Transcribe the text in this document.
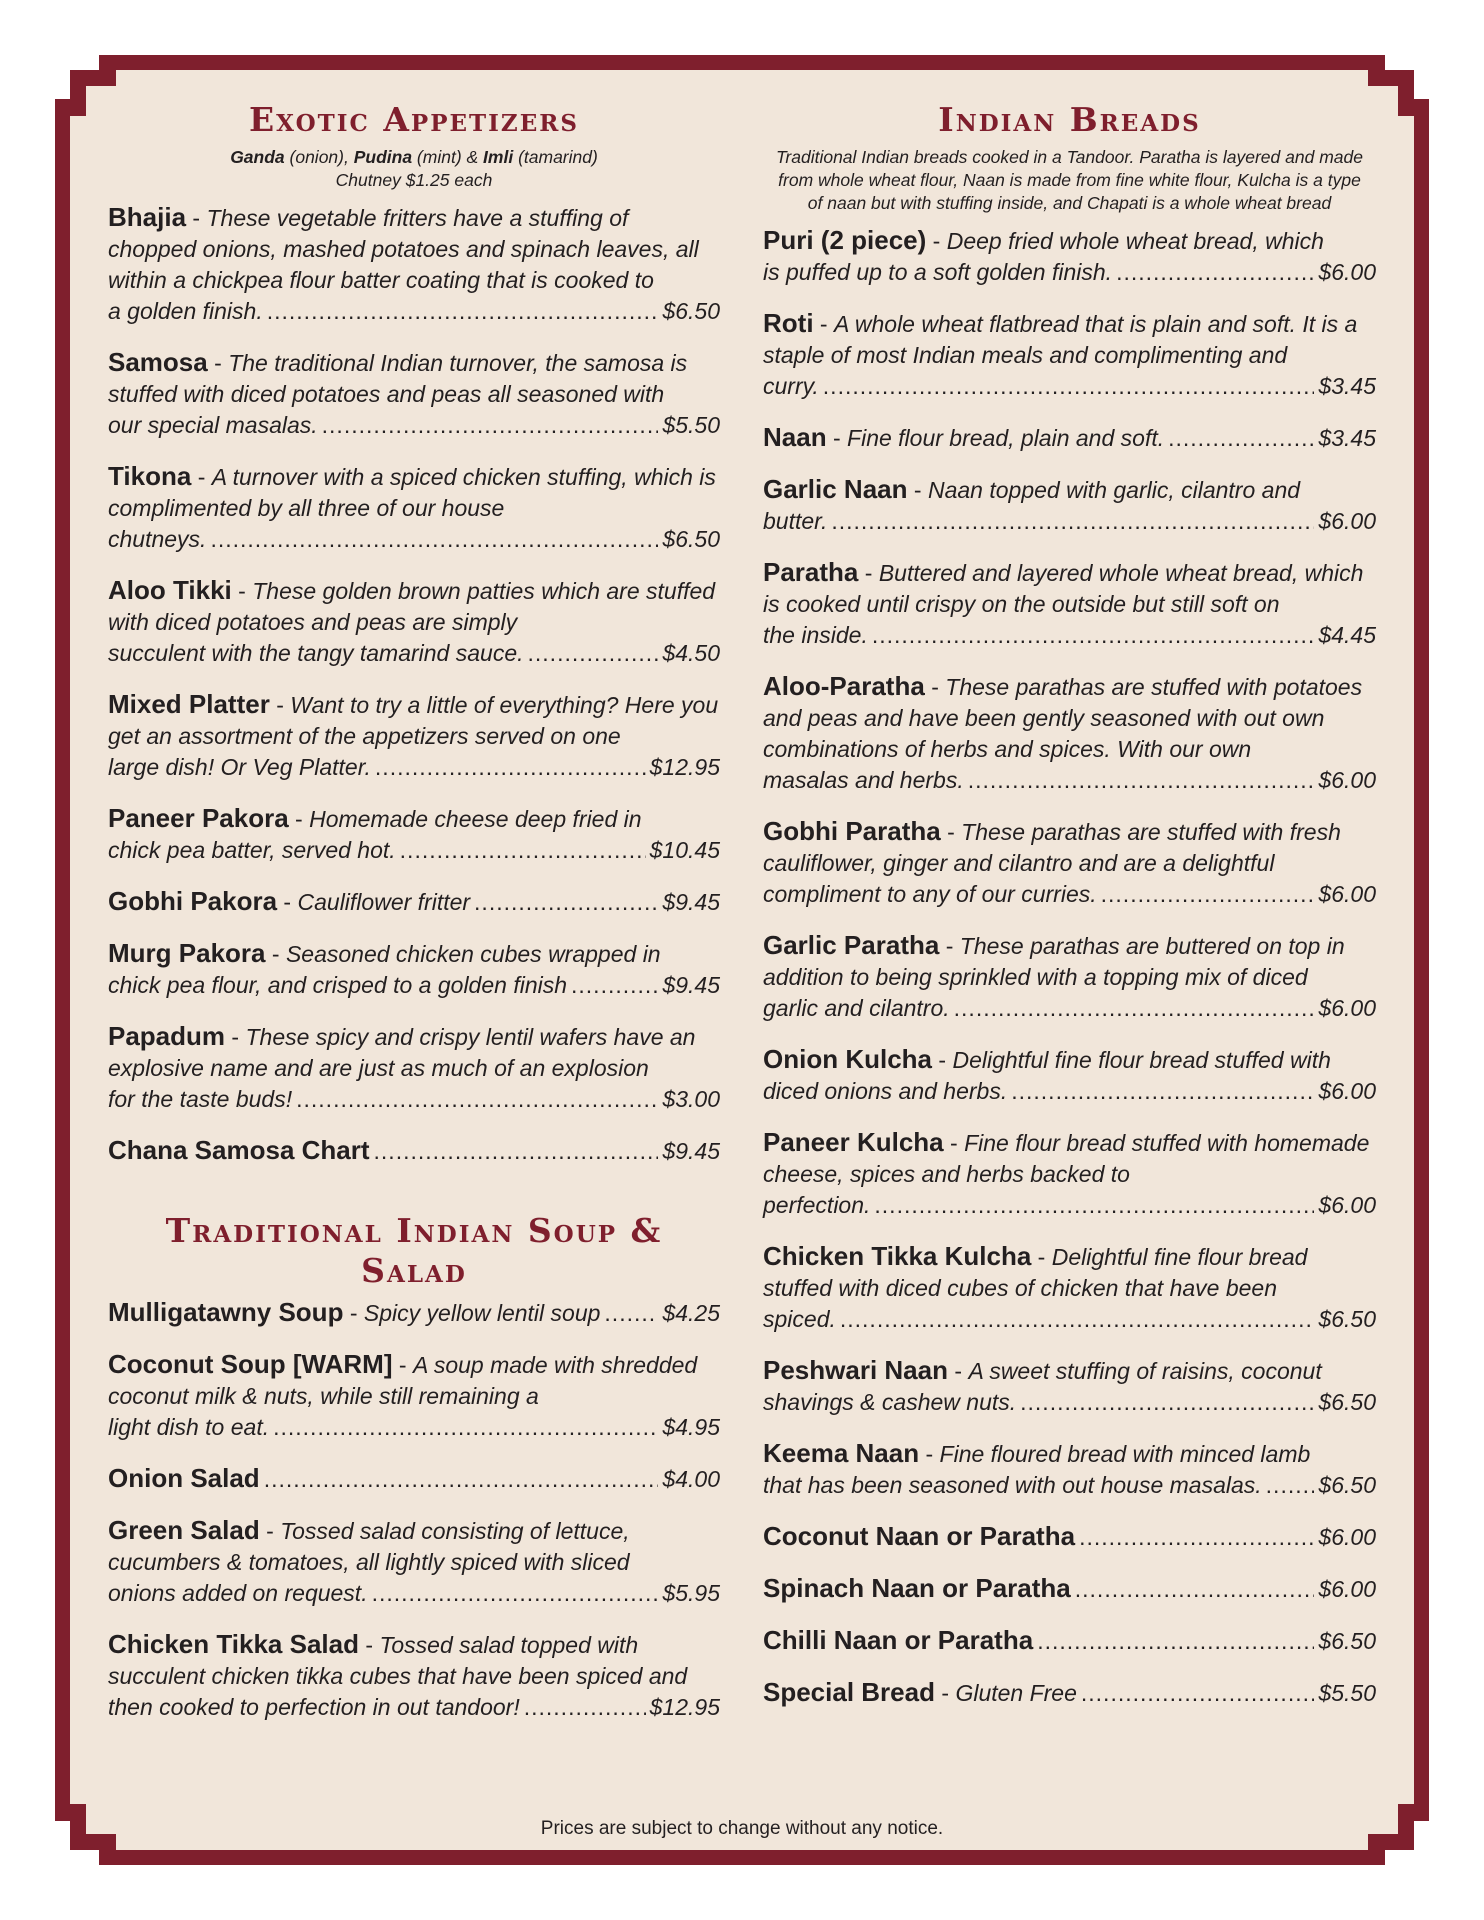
Exotic Appetizers
Ganda (onion), Pudina (mint) & Imli (tamarind)
Chutney $1.25 each
Bhajia - These vegetable fritters have a stuffing of chopped onions, mashed potatoes and spinach leaves, all within a chickpea flour batter coating that is cooked to
a golden finish. .....	$6.50
Samosa - The traditional Indian turnover, the samosa is stuffed with diced potatoes and peas all seasoned with
our special masalas. .....	$5.50
Tikona - A turnover with a spiced chicken stuffing, which is complimented by all three of our house
chutneys. .....	$6.50
Aloo Tikki - These golden brown patties which are stuffed with diced potatoes and peas are simply
succulent with the tangy tamarind sauce. .....	$4.50
Mixed Platter - Want to try a little of everything? Here you get an assortment of the appetizers served on one
large dish! Or Veg Platter. .....	$12.95
Paneer Pakora - Homemade cheese deep fried in
chick pea batter, served hot. .....	$10.45
Gobhi Pakora - Cauliflower fritter .....	$9.45
Murg Pakora - Seasoned chicken cubes wrapped in
chick pea flour, and crisped to a golden finish .....	$9.45
Papadum - These spicy and crispy lentil wafers have an explosive name and are just as much of an explosion
for the taste buds! .....	$3.00
Chana Samosa Chart .....	$9.45
Traditional Indian Soup & Salad
Mulligatawny Soup - Spicy yellow lentil soup .....	$4.25
Coconut Soup [WARM] - A soup made with shredded coconut milk & nuts, while still remaining a
light dish to eat. .....	$4.95
Onion Salad .....	$4.00
Green Salad - Tossed salad consisting of lettuce, cucumbers & tomatoes, all lightly spiced with sliced
onions added on request. .....	$5.95
Chicken Tikka Salad - Tossed salad topped with succulent chicken tikka cubes that have been spiced and
then cooked to perfection in out tandoor! .....	$12.95
Indian Breads
Traditional Indian breads cooked in a Tandoor. Paratha is layered and made from whole wheat flour, Naan is made from fine white flour, Kulcha is a type of naan but with stuffing inside, and Chapati is a whole wheat bread
Puri (2 piece) - Deep fried whole wheat bread, which
is puffed up to a soft golden finish. .....	$6.00
Roti - A whole wheat flatbread that is plain and soft. It is a staple of most Indian meals and complimenting and
curry. .....	$3.45
Naan - Fine flour bread, plain and soft. .....	$3.45
Garlic Naan - Naan topped with garlic, cilantro and
butter. .....	$6.00
Paratha - Buttered and layered whole wheat bread, which is cooked until crispy on the outside but still soft on
the inside. .....	$4.45
Aloo-Paratha - These parathas are stuffed with potatoes and peas and have been gently seasoned with out own combinations of herbs and spices. With our own
masalas and herbs. .....	$6.00
Gobhi Paratha - These parathas are stuffed with fresh cauliflower, ginger and cilantro and are a delightful
compliment to any of our curries. .....	$6.00
Garlic Paratha - These parathas are buttered on top in addition to being sprinkled with a topping mix of diced
garlic and cilantro. .....	$6.00
Onion Kulcha - Delightful fine flour bread stuffed with
diced onions and herbs. .....	$6.00
Paneer Kulcha - Fine flour bread stuffed with homemade cheese, spices and herbs backed to
perfection. .....	$6.00
Chicken Tikka Kulcha - Delightful fine flour bread stuffed with diced cubes of chicken that have been
spiced. .....	$6.50
Peshwari Naan - A sweet stuffing of raisins, coconut
shavings & cashew nuts. .....	$6.50
Keema Naan - Fine floured bread with minced lamb
that has been seasoned with out house masalas. ..... $6.50
Coconut Naan or Paratha .....	$6.00
Spinach Naan or Paratha .....	$6.00
Chilli Naan or Paratha .....	$6.50
Special Bread - Gluten Free .....	$5.50
Prices are subject to change without any notice.
